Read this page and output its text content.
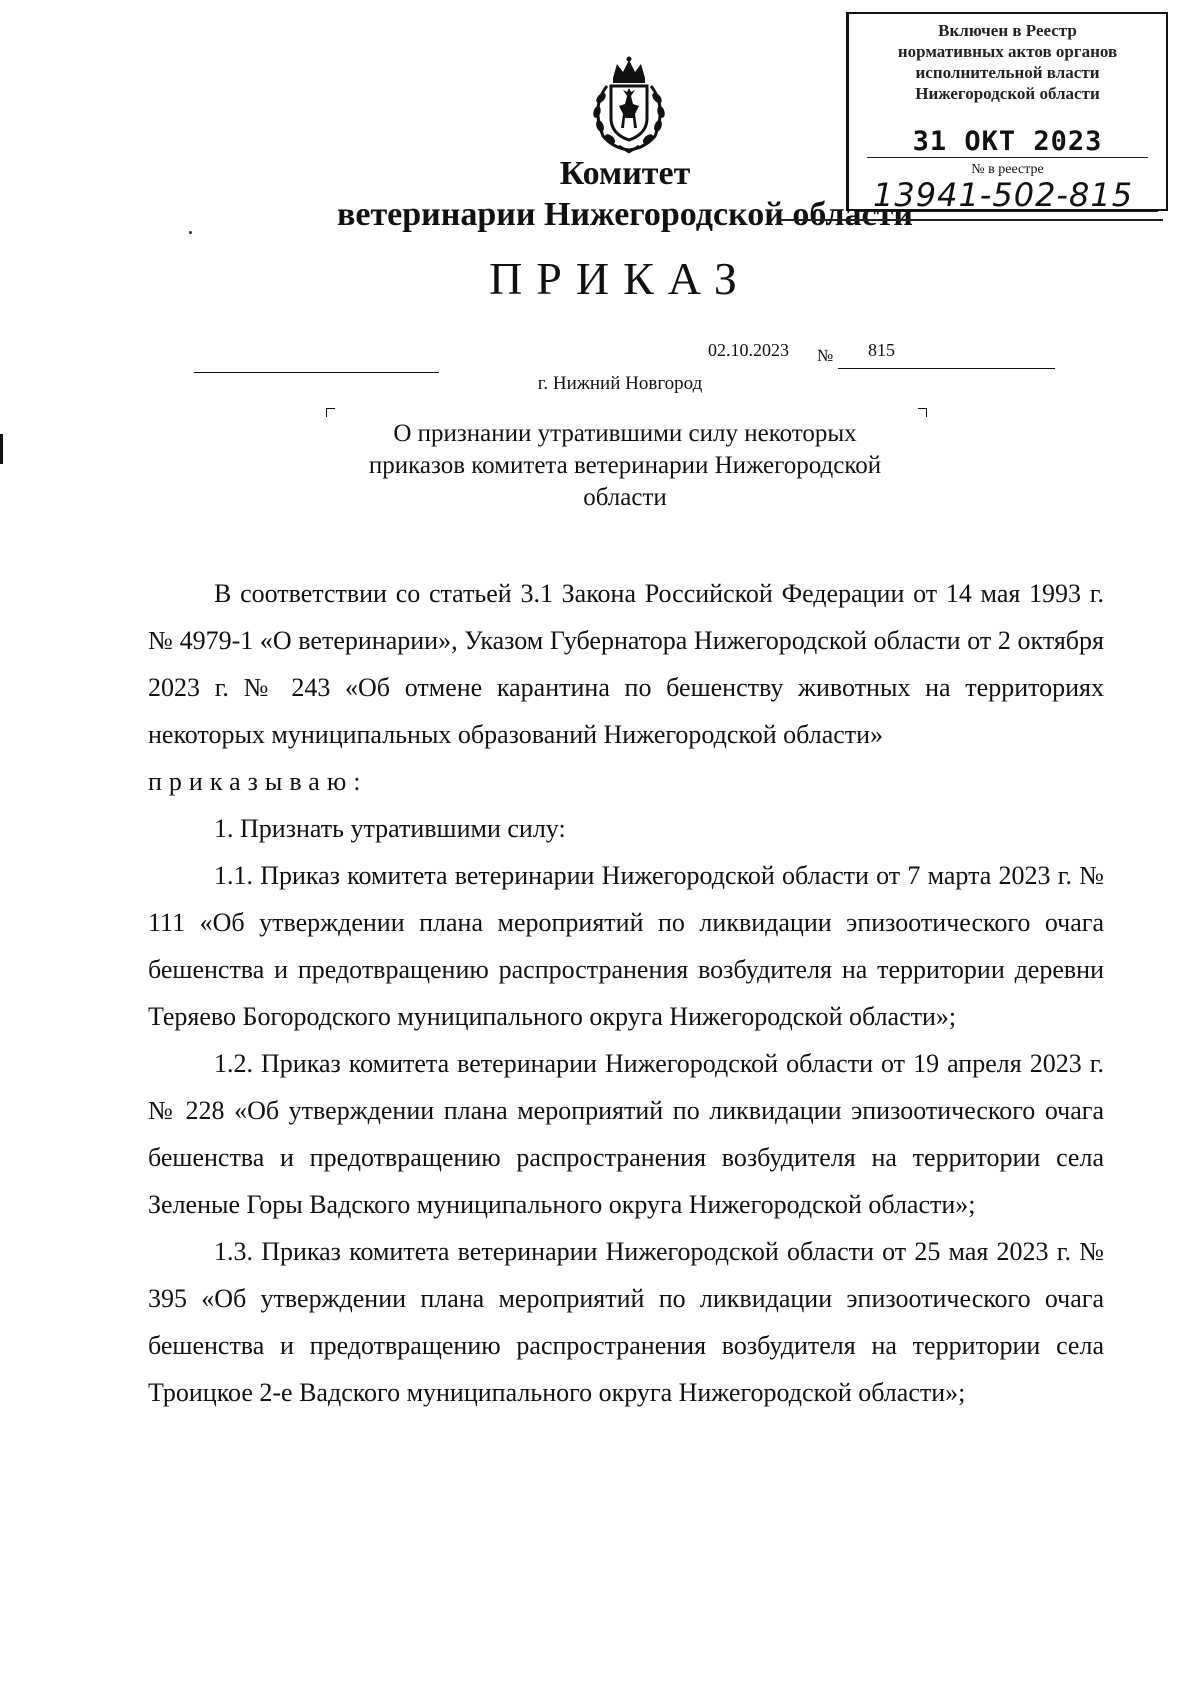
Включен в Реестр
нормативных актов органов
исполнительной власти
Нижегородской области
31 ОКТ 2023
№ в реестре
13941-502-815
Комитет
ветеринарии Нижегородской области
ПРИКАЗ
02.10.2023 № 815
г. Нижний Новгород
О признании утратившими силу некоторых
приказов комитета ветеринарии Нижегородской
области

В соответствии со статьей 3.1 Закона Российской Федерации от 14 мая 1993 г. № 4979-1 «О ветеринарии», Указом Губернатора Нижегородской области от 2 октября 2023 г. № 243 «Об отмене карантина по бешенству животных на территориях некоторых муниципальных образований Нижегородской области»

приказываю:

1. Признать утратившими силу:

1.1. Приказ комитета ветеринарии Нижегородской области от 7 марта 2023 г. № 111 «Об утверждении плана мероприятий по ликвидации эпизоотического очага бешенства и предотвращению распространения возбудителя на территории деревни Теряево Богородского муниципального округа Нижегородской области»;

1.2. Приказ комитета ветеринарии Нижегородской области от 19 апреля 2023 г. № 228 «Об утверждении плана мероприятий по ликвидации эпизоотического очага бешенства и предотвращению распространения возбудителя на территории села Зеленые Горы Вадского муниципального округа Нижегородской области»;

1.3. Приказ комитета ветеринарии Нижегородской области от 25 мая 2023 г. № 395 «Об утверждении плана мероприятий по ликвидации эпизоотического очага бешенства и предотвращению распространения возбудителя на территории села Троицкое 2-е Вадского муниципального округа Нижегородской области»;
